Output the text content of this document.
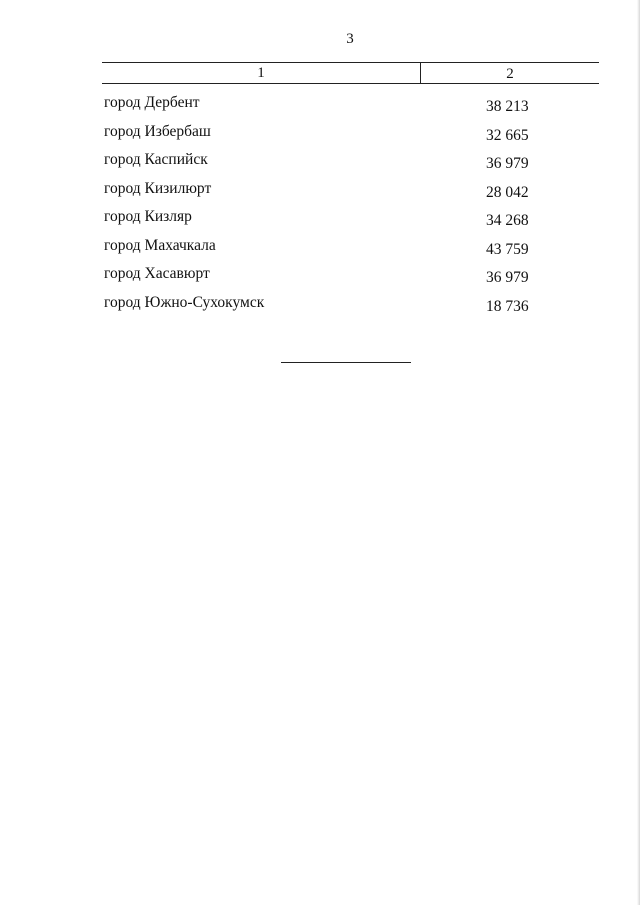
3
1	2
город Дербент	38 213
город Избербаш	32 665
город Каспийск	36 979
город Кизилюрт	28 042
город Кизляр	34 268
город Махачкала	43 759
город Хасавюрт	36 979
город Южно-Сухокумск	18 736
